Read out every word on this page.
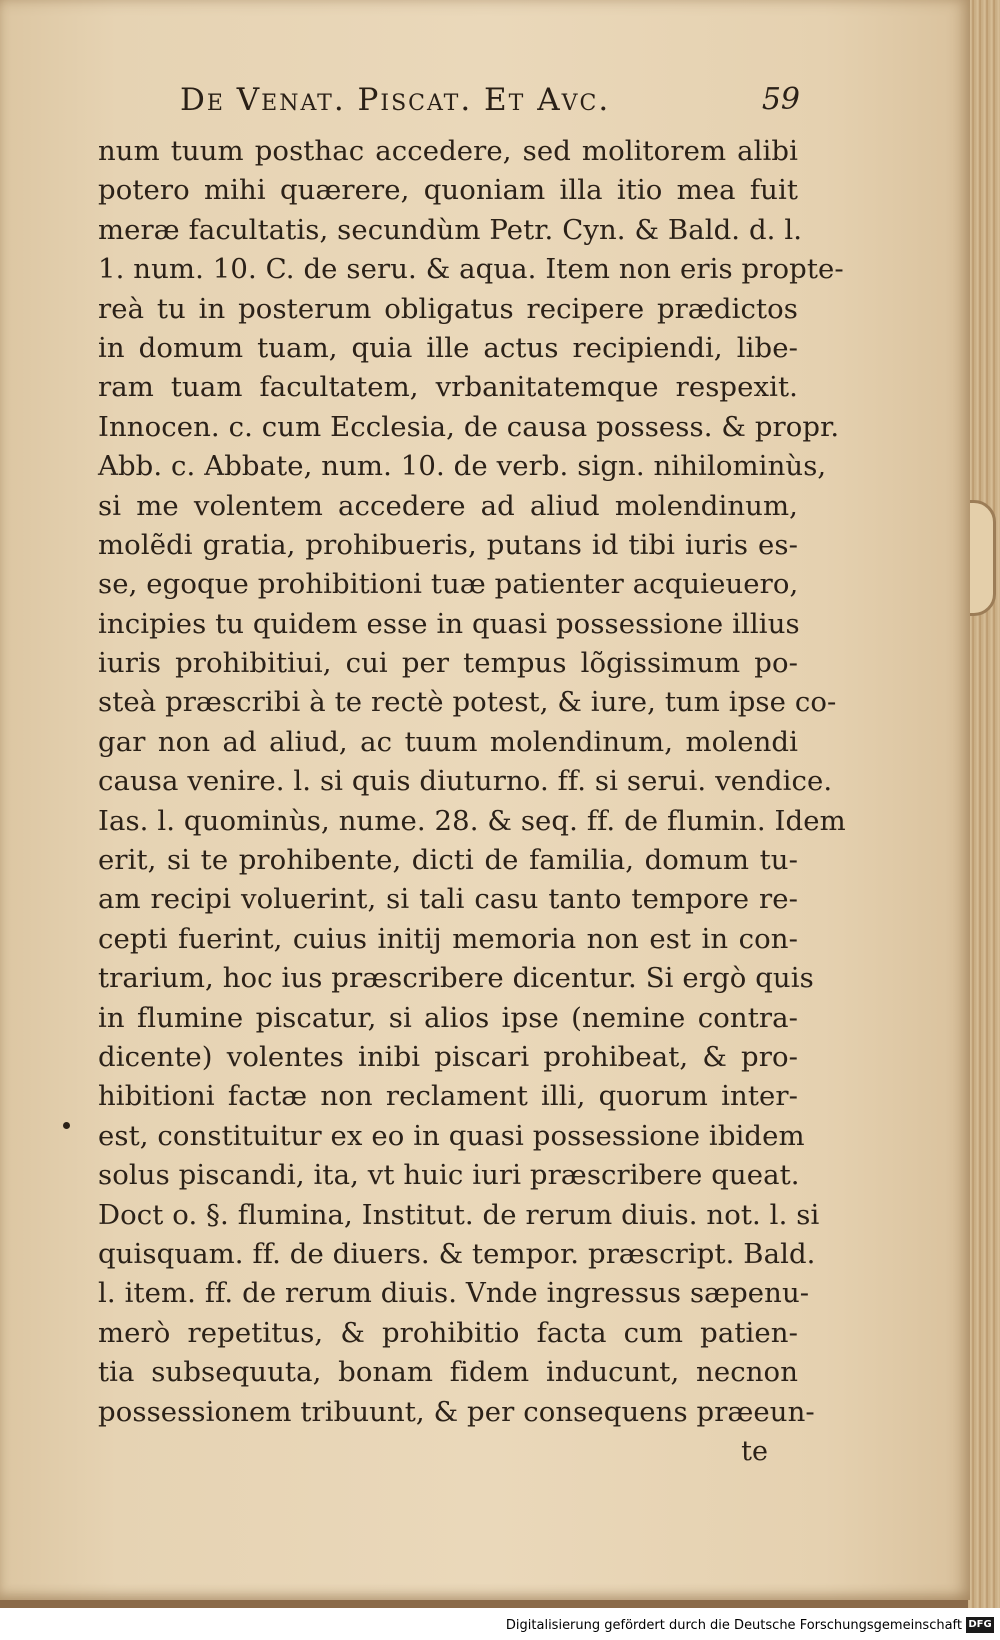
De Venat. Piscat. Et Avc.	59
num tuum posthac accedere, sed molitorem alibi
potero mihi quærere, quoniam illa itio mea fuit
meræ facultatis, secundùm Petr. Cyn. & Bald. d. l.
1. num. 10. C. de seru. & aqua. Item non eris propte-
reà tu in posterum obligatus recipere prædictos
in domum tuam, quia ille actus recipiendi, libe-
ram tuam facultatem, vrbanitatemque respexit.
Innocen. c. cum Ecclesia, de causa possess. & propr.
Abb. c. Abbate, num. 10. de verb. sign. nihilominùs,
si me volentem accedere ad aliud molendinum,
molẽdi gratia, prohibueris, putans id tibi iuris es-
se, egoque prohibitioni tuæ patienter acquieuero,
incipies tu quidem esse in quasi possessione illius
iuris prohibitiui, cui per tempus lõgissimum po-
steà præscribi à te rectè potest, & iure, tum ipse co-
gar non ad aliud, ac tuum molendinum, molendi
causa venire. l. si quis diuturno. ff. si serui. vendice.
Ias. l. quominùs, nume. 28. & seq. ff. de flumin. Idem
erit, si te prohibente, dicti de familia, domum tu-
am recipi voluerint, si tali casu tanto tempore re-
cepti fuerint, cuius initij memoria non est in con-
trarium, hoc ius præscribere dicentur. Si ergò quis
in flumine piscatur, si alios ipse (nemine contra-
dicente) volentes inibi piscari prohibeat, & pro-
hibitioni factæ non reclament illi, quorum inter-
est, constituitur ex eo in quasi possessione ibidem
solus piscandi, ita, vt huic iuri præscribere queat.
Doct o. §. flumina, Institut. de rerum diuis. not. l. si
quisquam. ff. de diuers. & tempor. præscript. Bald.
l. item. ff. de rerum diuis. Vnde ingressus sæpenu-
merò repetitus, & prohibitio facta cum patien-
tia subsequuta, bonam fidem inducunt, necnon
possessionem tribuunt, & per consequens præeun-
te
Digitalisierung gefördert durch die Deutsche Forschungsgemeinschaft DFG
